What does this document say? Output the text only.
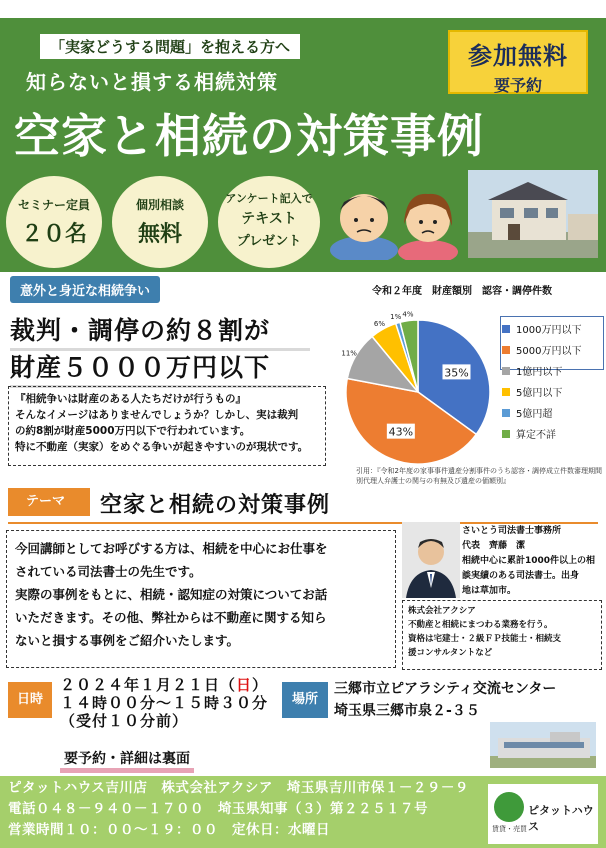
「実家どうする問題」を抱える方へ
知らないと損する相続対策
空家と相続の対策事例
参加無料
要予約
セミナー定員
２０名
個別相談
無料
アンケート記入で
テキスト
プレゼント
意外と身近な相続争い
裁判・調停の約８割が
財産５０００万円以下
『相続争いは財産のある人たちだけが行うもの』
そんなイメージはありませんでしょうか？しかし、実は裁判
の約8割が財産5000万円以下で行われています。
特に不動産（実家）をめぐる争いが起きやすいのが現状です。
令和２年度　財産額別　認容・調停件数
35%
43%
11%
6%
1% 4%
1000万円以下
5000万円以下
1億円以下
5億円以下
5億円超
算定不詳
引用：『令和2年度の家事事件遺産分割事件のうち認容・調停成立件数審理期間別代理人弁護士の関与の有無及び遺産の価額別』
テーマ	空家と相続の対策事例
今回講師としてお呼びする方は、相続を中心にお仕事を
されている司法書士の先生です。
実際の事例をもとに、相続・認知症の対策についてお話
いただきます。その他、弊社からは不動産に関する知ら
ないと損する事例をご紹介いたします。
さいとう司法書士事務所
代表　齊藤　潔
相続中心に累計1000件以上の相
談実績のある司法書士。出身
地は草加市。
株式会社アクシア
不動産と相続にまつわる業務を行う。
資格は宅建士・２級ＦＰ技能士・相続支
援コンサルタントなど
日時
２０２４年１月２１日（日）
１４時００分～１５時３０分
（受付１０分前）
場所
三郷市立ピアラシティ交流センター
埼玉県三郷市泉２-３５
要予約・詳細は裏面
ピタットハウス吉川店　株式会社アクシア　埼玉県吉川市保１－２９－９
電話０４８－９４０－１７００　埼玉県知事（３）第２２５１７号
営業時間１０：００～１９：００　定休日：水曜日
ピタットハウス
賃貸・売買
